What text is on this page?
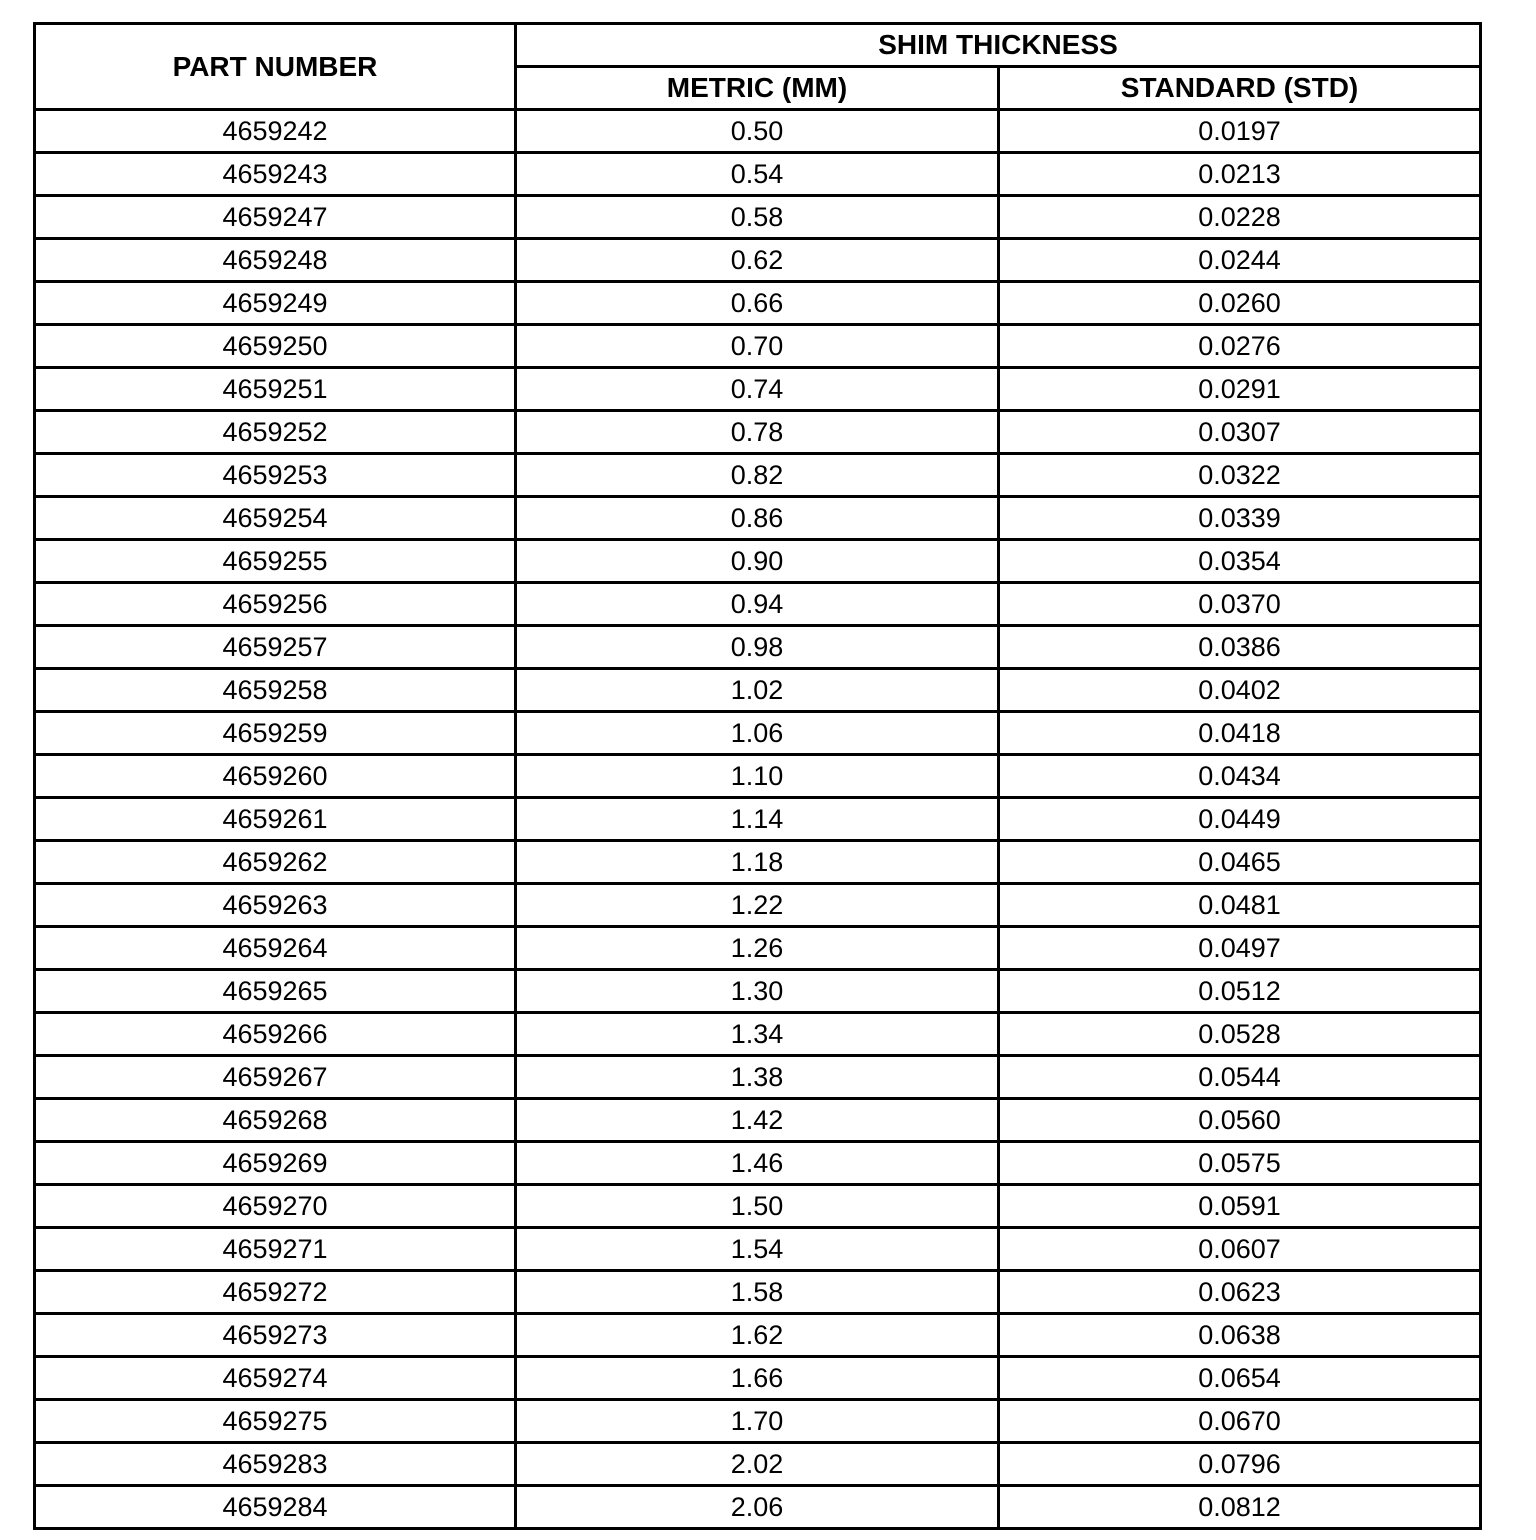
PART NUMBER	SHIM THICKNESS	
	METRIC (MM)	STANDARD (STD)
4659242	0.50	0.0197
4659243	0.54	0.0213
4659247	0.58	0.0228
4659248	0.62	0.0244
4659249	0.66	0.0260
4659250	0.70	0.0276
4659251	0.74	0.0291
4659252	0.78	0.0307
4659253	0.82	0.0322
4659254	0.86	0.0339
4659255	0.90	0.0354
4659256	0.94	0.0370
4659257	0.98	0.0386
4659258	1.02	0.0402
4659259	1.06	0.0418
4659260	1.10	0.0434
4659261	1.14	0.0449
4659262	1.18	0.0465
4659263	1.22	0.0481
4659264	1.26	0.0497
4659265	1.30	0.0512
4659266	1.34	0.0528
4659267	1.38	0.0544
4659268	1.42	0.0560
4659269	1.46	0.0575
4659270	1.50	0.0591
4659271	1.54	0.0607
4659272	1.58	0.0623
4659273	1.62	0.0638
4659274	1.66	0.0654
4659275	1.70	0.0670
4659283	2.02	0.0796
4659284	2.06	0.0812
